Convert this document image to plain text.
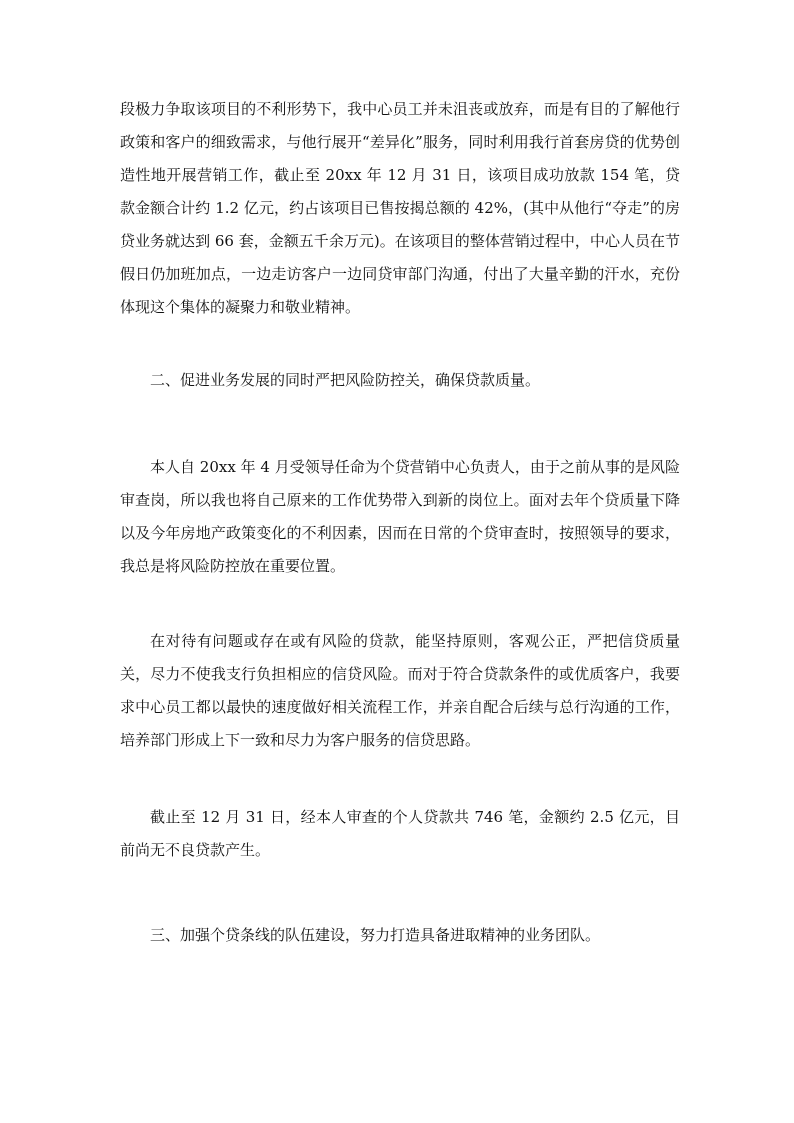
段极力争取该项目的不利形势下，我中心员工并未沮丧或放弃，而是有目的了解他行政策和客户的细致需求，与他行展开“差异化”服务，同时利用我行首套房贷的优势创造性地开展营销工作，截止至 20xx 年 12 月 31 日，该项目成功放款 154 笔，贷款金额合计约 1.2 亿元，约占该项目已售按揭总额的 42%，(其中从他行“夺走”的房贷业务就达到 66 套，金额五千余万元)。在该项目的整体营销过程中，中心人员在节假日仍加班加点，一边走访客户一边同贷审部门沟通，付出了大量辛勤的汗水，充份体现这个集体的凝聚力和敬业精神。

二、促进业务发展的同时严把风险防控关，确保贷款质量。

本人自 20xx 年 4 月受领导任命为个贷营销中心负责人，由于之前从事的是风险审查岗，所以我也将自己原来的工作优势带入到新的岗位上。面对去年个贷质量下降以及今年房地产政策变化的不利因素，因而在日常的个贷审查时，按照领导的要求，我总是将风险防控放在重要位置。

在对待有问题或存在或有风险的贷款，能坚持原则，客观公正，严把信贷质量关，尽力不使我支行负担相应的信贷风险。而对于符合贷款条件的或优质客户，我要求中心员工都以最快的速度做好相关流程工作，并亲自配合后续与总行沟通的工作，培养部门形成上下一致和尽力为客户服务的信贷思路。

截止至 12 月 31 日，经本人审查的个人贷款共 746 笔，金额约 2.5 亿元，目前尚无不良贷款产生。

三、加强个贷条线的队伍建设，努力打造具备进取精神的业务团队。
